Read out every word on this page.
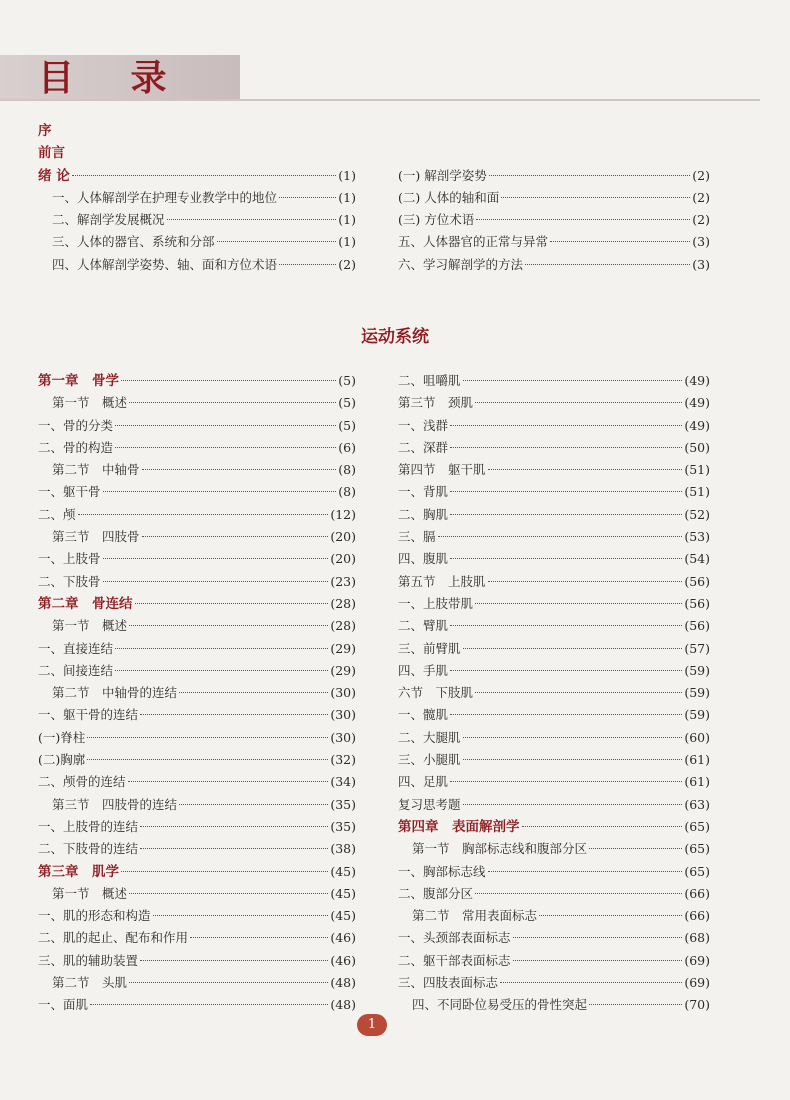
目 录
序
前言
绪 论	(1)
一、人体解剖学在护理专业教学中的地位	(1)
二、解剖学发展概况	(1)
三、人体的器官、系统和分部	(1)
四、人体解剖学姿势、轴、面和方位术语	(2)
(一) 解剖学姿势	(2)
(二) 人体的轴和面	(2)
(三) 方位术语	(2)
五、人体器官的正常与异常	(3)
六、学习解剖学的方法	(3)
运动系统
第一章　骨学	(5)
第一节　概述	(5)
一、骨的分类	(5)
二、骨的构造	(6)
第二节　中轴骨	(8)
一、躯干骨	(8)
二、颅	(12)
第三节　四肢骨	(20)
一、上肢骨	(20)
二、下肢骨	(23)
第二章　骨连结	(28)
第一节　概述	(28)
一、直接连结	(29)
二、间接连结	(29)
第二节　中轴骨的连结	(30)
一、躯干骨的连结	(30)
(一)脊柱	(30)
(二)胸廓	(32)
二、颅骨的连结	(34)
第三节　四肢骨的连结	(35)
一、上肢骨的连结	(35)
二、下肢骨的连结	(38)
第三章　肌学	(45)
第一节　概述	(45)
一、肌的形态和构造	(45)
二、肌的起止、配布和作用	(46)
三、肌的辅助装置	(46)
第二节　头肌	(48)
一、面肌	(48)
二、咀嚼肌	(49)
第三节　颈肌	(49)
一、浅群	(49)
二、深群	(50)
第四节　躯干肌	(51)
一、背肌	(51)
二、胸肌	(52)
三、膈	(53)
四、腹肌	(54)
第五节　上肢肌	(56)
一、上肢带肌	(56)
二、臂肌	(56)
三、前臂肌	(57)
四、手肌	(59)
六节　下肢肌	(59)
一、髋肌	(59)
二、大腿肌	(60)
三、小腿肌	(61)
四、足肌	(61)
复习思考题	(63)
第四章　表面解剖学	(65)
第一节　胸部标志线和腹部分区	(65)
一、胸部标志线	(65)
二、腹部分区	(66)
第二节　常用表面标志	(66)
一、头颈部表面标志	(68)
二、躯干部表面标志	(69)
三、四肢表面标志	(69)
四、不同卧位易受压的骨性突起	(70)
1
